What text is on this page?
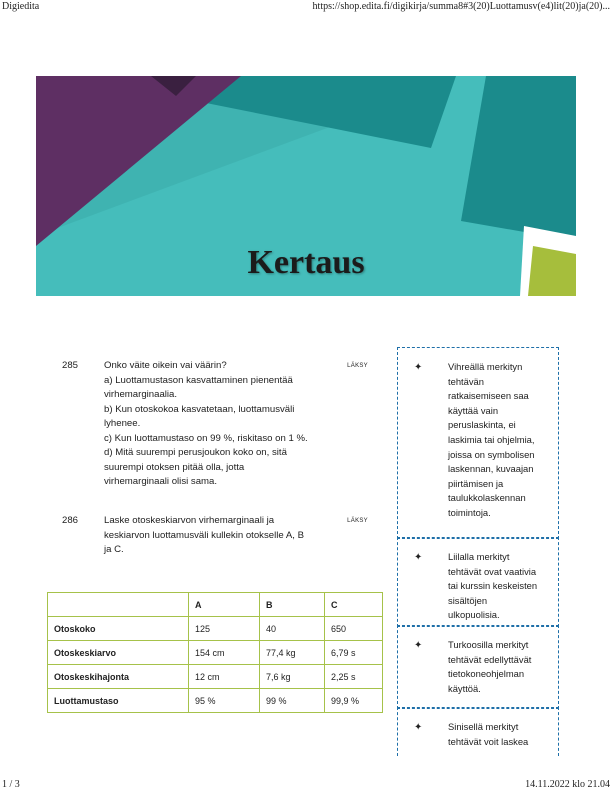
Digiedita	https://shop.edita.fi/digikirja/summa8#3(20)Luottamusv(e4)lit(20)ja(20)...
Kertaus
285	Onko väite oikein vai väärin?
a) Luottamustason kasvattaminen pienentää
virhemarginaalia.
b) Kun otoskokoa kasvatetaan, luottamusväli
lyhenee.
c) Kun luottamustaso on 99 %, riskitaso on 1 %.
d) Mitä suurempi perusjoukon koko on, sitä
suurempi otoksen pitää olla, jotta
virhemarginaali olisi sama.
LÄKSY
286	Laske otoskeskiarvon virhemarginaali ja
keskiarvon luottamusväli kullekin otokselle A, B
ja C.
LÄKSY
	A	B	C
Otoskoko	125	40	650
Otoskeskiarvo	154 cm	77,4 kg	6,79 s
Otoskeskihajonta	12 cm	7,6 kg	2,25 s
Luottamustaso	95 %	99 %	99,9 %
✦	Vihreällä merkityn
tehtävän
ratkaisemiseen saa
käyttää vain
peruslaskinta, ei
laskimia tai ohjelmia,
joissa on symbolisen
laskennan, kuvaajan
piirtämisen ja
taulukkolaskennan
toimintoja.
✦	Liilalla merkityt
tehtävät ovat vaativia
tai kurssin keskeisten
sisältöjen
ulkopuolisia.
✦	Turkoosilla merkityt
tehtävät edellyttävät
tietokoneohjelman
käyttöä.
✦	Sinisellä merkityt
tehtävät voit laskea
1 / 3	14.11.2022 klo 21.04
